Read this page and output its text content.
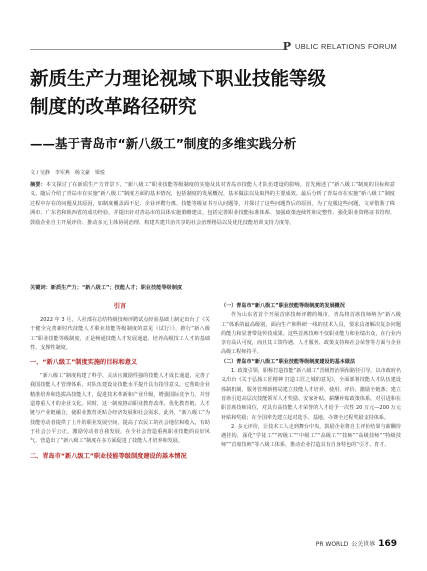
P UBLIC RELATIONS FORUM
新质生产力理论视域下职业技能等级
制度的改革路径研究
——基于青岛市“新八级工”制度的多维实践分析
文 / 吴静　李军燕　杨文豪　梁悦
摘要：本文探讨了在新质生产力背景下，“新八级工”职业技能等级制度的实施及其对青岛市技能人才队伍建设的影响。首先阐述了“新八级工”制度的目标和意义，随后介绍了青岛市在实施“新八级工”制度方面的基本情况，包括制度的发展概况、基本做法以及取得的主要成效。最后分析了青岛市在实施“新八级工”制度过程中存在的问题及其原因，如制度覆盖面不足、企业评聘分离、技能等级证书互认问题等，并探讨了这些问题背后的原因。为了克服这些问题，文章借鉴了株洲市、广东省和陕西省的成功经验，并提出针对青岛市的具体实施策略建议，包括完善职业技能标准体系、加强政策连续性和完整性、强化职业资格证书管理、鼓励企业自主开展评价、推动多元主体协同治理、构建共建共治共享的社会治理格局以及优化技能培训支持力度等。
关键词：新质生产力；“新八级工”；技能人才；职业技能等级制度
引言

2022 年 3 月，人社部在总结特级技师评聘试点经验基础上制定出台了《关于健全完善新时代技能人才职业技能等级制度的意见（试行）》，推行“新八级工”职业技能等级制度，正是畅通技能人才发展通道、培养高级技工人才的基础性、支撑性制度。

一、“新八级工”制度实施的目标和意义

“新八级工”制度构建了科学、灵活且激励性强的技能人才成长通道，完善了我国技能人才管理体系，对队伍建设及技能水平提升具有指导意义。它帮助企业精准培养和选拔高技能人才，促进技术革新和产业升级，增强国际竞争力，并营造尊重人才的企业文化。同时，这一制度推动职业教育改革，优化教育链、人才链与产业链融合，使职业教育更贴合经济发展和社会需求。此外，“新八级工”为技能劳动者提供了上升的职业发展空间，提高了农民工的社会地位和收入，有助于社会公平公正，激励劳动者自我发展，在全社会营造重视职业技能的良好风气，营造出了“新八级工”制度在多方面促进了技能人才培养和发展。

二、青岛市“新八级工”职业技能等级制度建设的基本情况
（一）青岛市“新八级工”职业技能等级制度的发展概况

作为山东省首个开展首席技师评聘的城市，青岛将首席技师纳为“新八级工”体系的最高级别，面向生产和科研一线的技术人员，要求具备解决复杂问题的能力和显著带徒传技成果。这些首席技师不仅职业能力和业绩出众，在行业内享有高认可度，而且其工资待遇、人才服务、政策支持和社会荣誉等方面与企业高级工程师持平。

（二）青岛市“新八级工”职业技能等级制度建设的基本做法

1. 政策引领，职称打造技能“新八级工”晋级智治领衔路径引导。以市政府名义出台《关于弘扬工匠精神 打造工匠之城的意见》，全面部署技能人才队伍建设体制机制，服务管理新格局建立技能人才培养、使用、评价、激励全链条；建立首席引进高层次技能领军人才奖励、安家补贴、薪酬补贴政策体系。对引进和在职首席技师岗位，对具有高技能人才荣誉的人才给予一次性 20 万元—200 万元补贴和奖励；在全国率先建立起对选手、基地、办赛全过程奖励支持体系。

2. 多元评价，让技术工人走到舞台中央。鼓励企业将自主评价结果与薪酬待遇挂钩，深化“学徒工”“初级工”“中级工”“高级工”“技师”“高级技师”“特级技师”“首席技师”等八级工体系，推动企业打造具有自身特色的“引才、育才、

PR WORLD 公关世界 169
